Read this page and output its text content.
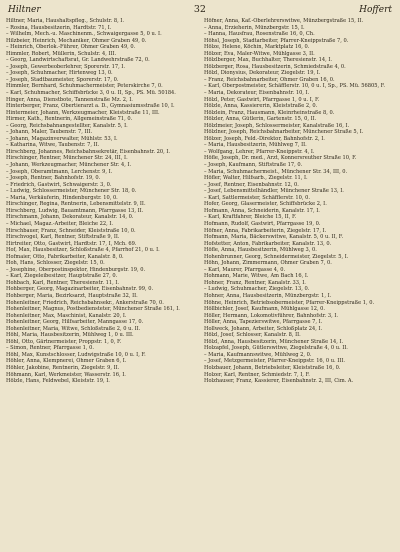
Hiltner	32	Hoffert
Hiltner, Maria, Haushaltspfleg., Schulstr. 8, I.
– Rosina, Hausbesitzerin, Hardtstr. 71, I.
– Wilhelm, Mech.-u. Maschinenm., Schwaigergasse 5, 0 u. I.
Hilzbeier, Heinrich, Mechaniker, Ohmer Graben 49, 0.
– Heinrich, Oberlok.-Führer, Ohmer Graben 49, 0.
Himmler, Robert, Müllerin, Schulstr. 4, III.
– Georg, Landwirtschaftsrat, Gr. Landwehrstraße 72, 0.
– Joseph, Gewerbeoberlehrer, Sporerstr. 17, I.
– Joseph, Schuhmacher, Hirtenweg 13, 0.
– Joseph, Stadtbaumeister, Sporerstr. 17, 0.
Himmler, Bernhard, Schuhmachermeister, Peterskirche 7, 0.
– Karl, Schuhmacher, Schiffsbrücke 3, 0 u. II, Sp., PS. Mü. 50184.
Hinger, Anna, Dienstbote, Tannenstraße Mz. 2, I.
Hinterberger, Franz, Obertierarzt a. D., Gymnasiumsstraße 10, I.
Hintermeier, Johann, Werkzeugmacher, Kleiststraße 11, III.
Hirmer, Kath., Rentnerin, Allgemeinstraße 71, 0.
– Georg, Reichsbahnangestellter, Kanalstr. 5, I.
– Johann, Maler, Taubenstr. 7, III.
– Johann, Magazinverwalter, Mühlstr. 53, I.
– Katharina, Witwe, Taubenstr. 7, II.
Hirschberg, Johannes, Reichsbahnsekretär, Eisenbahnstr. 20, I.
Hirschinger, Rentner, Münchener Str. 24, III, I.
– Johann, Werkzeugmacher, Münchener Str. 4, I.
– Joseph, Oberamtmann, Lerchenstr. 9, I.
– Joseph, Rentner, Bahnhofstr. 19, 0.
– Friedrich, Gastwirt, Schwaigerstr. 3, 0.
– Ludwig, Schlossermeister, Münchener Str. 18, 0.
– Maria, Verkäuferin, Hindenburgstr. 10, 0.
Hirschinger, Regina, Rentnerin, Lebensmittelstr. 9, II.
Hirschberg, Ludwig, Bauamtmann, Pfarrgasse 13, II.
Hirschmann, Johann, Dekorateur, Kanalstr. 14, 0.
– Michael, Magaz.-Arbeiter, Bleiche 22, I.
Hirschbauer, Franz, Schneider, Kleiststraße 10, 0.
Hirschvogel, Karl, Rentner, Stiftstraße 9, II.
Hirtreiter, Otto, Gastwirt, Hardtstr. 17, I, Mch. 69.
Hof, Max, Hausbesitzer, Schloßstraße 4, Pfarrhof 21, 0 u. I.
Hofmaier, Otto, Fabrikarbeiter, Kanalstr. 8, 0.
Hoh, Hans, Schlosser, Ziegelstr. 15, 0.
– Josephine, Oberpostinspektor, Hindenburgstr. 19, 0.
– Karl, Ziegeleibesitzer, Hauptstraße 27, 0.
Hohbach, Karl, Rentner, Theresienstr. 11, I.
Hohberger, Georg, Magazinarbeiter, Eisenbahnstr. 99, 0.
Hohberger, Maria, Bezirksarzt, Hauptstraße 32, II.
Hohenleitner, Friedrich, Reichsbahnsekr., Ankerstraße 70, 0.
Hohenleitner, Magnus, Postbediensteter, Münchener Straße 161, I.
Hohenleitner, Max, Maschinist, Kanalstr. 20, I.
Hohenleitner, Georg, Hilfsarbeiter, Manngasse 17, 0.
Hohenleitner, Maria, Witwe, Schloßstraße 2, 0 u. II.
Höhl, Maria, Hausbesitzerin, Mühlweg 1, 0 u. III.
Höhl, Otto, Gärtnermeister, Proppstr. 1, 0, F.
– Simon, Rentner, Pfarrgasse 1, 0.
Höhl, Max, Kunstschlosser, Ludwigstraße 10, 0 u. I, F.
Höhler, Anna, Klempnerei, Ohmer Graben 6, I.
Höhler, Jakobine, Rentnerin, Ziegelstr. 9, II.
Höhmann, Karl, Werkmeister, Wasserstr. 16, I.
Hölzle, Hans, Feldwebel, Kleiststr. 19, I.
Höfner, Anna, Kaf.-Oberlehrerswitwe, Münzbergstraße 15, II.
– Anna, Erzieherin, Münzbergstr. 15, I.
– Hanna, Hausfrau, Rosenstraße 16, 0, Ch.
Höhsl, Joseph, Stadtarbeiter, Pfarrer-Kneippstraße 7, 0.
Hölze, Helene, Köchin, Marktplatz 16, 0.
Hölzer, Eva, Maler-Witwe, Mühlgasse 3, II.
Hölzlberger, Max, Buchhalter, Theresienstr. 14, I.
Hölzberger, Rosa, Hausbesitzerin, Schmiedstraße 4, 0.
Hölzl, Dionysius, Dekorateur, Ziegelstr. 19, I.
– Franz, Reichsbahnarbeiter, Ohmer Graben 16, 0.
– Karl, Oberpostmeister, Schäfflerstr. 10, 0 u. I, Sp., PS. Mü. 56805, F.
– Maria, Dekorateur, Eisenbahnstr. 10, I.
Hölzl, Peter, Gastwirt, Pfarrgasse 1, 0 u. I, F.
Hölzle, Anna, Kassiererin, Kleiststraße 2, 0.
Hölzlein, Franz, Hausmann, Kleinrheinstraße 8, 0.
Hölzler, Anna, Gütlerin, Gartenstr. 15, 0, II.
Hölzlmeier, Joseph, Schlossermeister, Kanalstraße 16, I.
Hölzlner, Joseph, Reichsbahnarbeiter, Münchener Straße 5, I.
Hölzer, Joseph, Feld.-Direktor, Bahnhofstr. 2, I.
– Maria, Hausbesitzerin, Mühlweg 7, II.
– Wolfgang, Lehrer, Pfarrer-Kneippstr. 4, I.
Höfle, Joseph, Dr. med., Arzt, Konnersreuther Straße 10, F.
– Joseph, Kaufmann, Stiftstraße 17, 0.
– Maria, Schuhmachermeist., Münchener Str. 34, III, 0.
Höfler, Walter, Hilfsarb., Ziegelstr. 11, I.
– Josef, Rentner, Eisenbahnstr. 12, 0.
– Josef, Lebensmittelhändler, Münchener Straße 13, I.
– Karl, Sattlermeister, Schäfflerstr. 10, 0.
Hofer, Georg, Glasermeister, Schiffsbrücke 2, I.
Hofmann, Anna, Schneiderin, Kanalstr. 17, I.
– Karl, Kraftfahrer, Bleiche 15, II, F.
Hofmann, Rudolf, Gastwirt, Pfarrgasse 19, 0.
Höfner, Anna, Fabrikarbeiterin, Ziegelstr. 17, I.
Hofmann, Maria, Bäckerswitwe, Kanalstr. 5, 0 u. II, F.
Hofstetter, Anton, Fabrikarbeiter, Kanalstr. 13, 0.
Höfle, Anna, Hausbesitzerin, Mühlweg 3, 0.
Hohenbrunner, Georg, Schneidermeister, Ziegelstr. 5, I.
Höhn, Johann, Zimmermann, Ohmer Graben 7, 0.
– Karl, Maurer, Pfarrgasse 4, 0.
Hohmann, Marie, Witwe, Am Bach 16, I.
Hohner, Franz, Rentner, Kanalstr. 33, I.
– Ludwig, Schuhmacher, Ziegelstr. 13, 0.
Hohner, Anna, Hausbesitzerin, Münzbergstr. 1, I.
Höhne, Heinrich, Betriebsobermeister, Pfarrer-Kneippstraße 1, 0.
Höllbichler, Josef, Kaufmann, Mühlgasse 12, 0.
Höller, Hermann, Lokomotivführer, Bahnhofstr. 3, I.
Höller, Anna, Tapezierswitwe, Pfarrgasse 7, I.
Hollweck, Johann, Arbeiter, Schloßplatz 24, I.
Hölzl, Josef, Schlosser, Kanalstr. 8, II.
Hölzl, Anna, Hausbesitzerin, Münchener Straße 14, I.
Holzapfel, Joseph, Gütlerswitwe, Ziegelstraße 4, 0 u. II.
– Maria, Kaufmannswitwe, Mühlweg 2, 0.
– Josef, Metzgermeister, Pfarrer-Kneippstr. 16, 0 u. III.
Holzbauer, Johann, Betriebsleiter, Kleiststraße 16, 0.
Holzer, Karl, Rentner, Schmiedstr. 7, I, F.
Holzhauser, Franz, Kassierer, Eisenbahnstr. 2, III, Cim. A.
